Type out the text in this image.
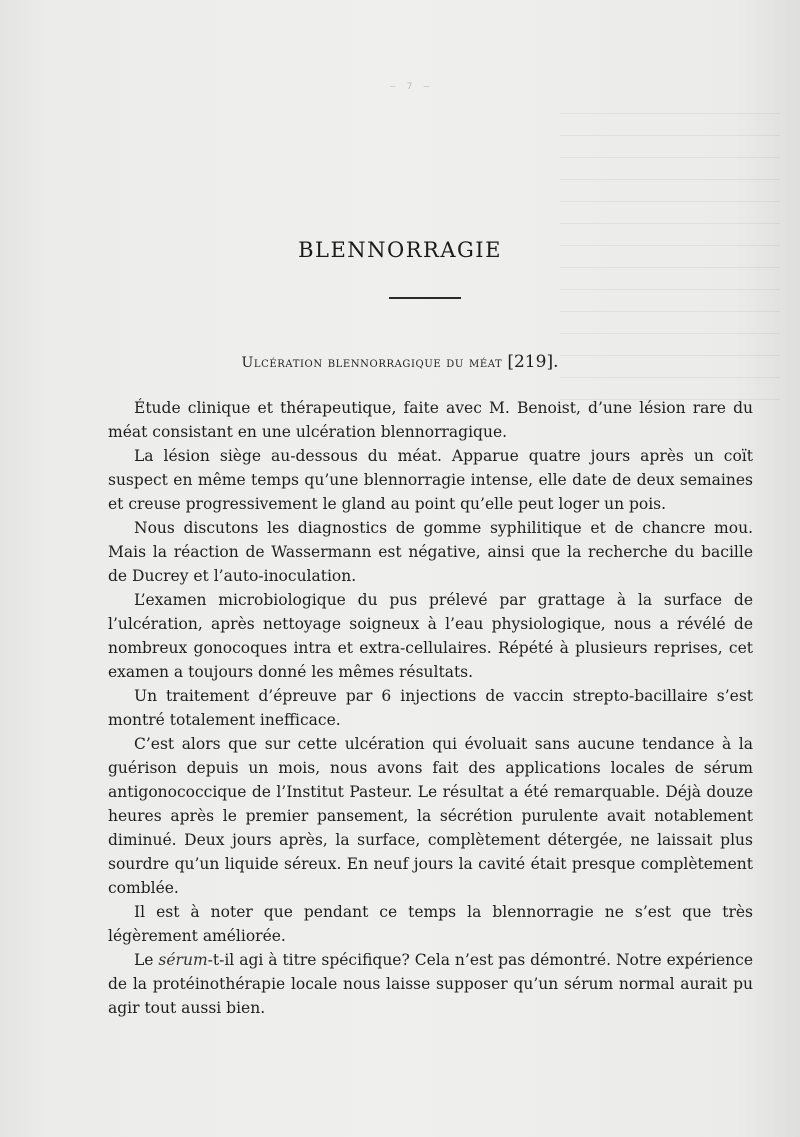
— 7 —
BLENNORRAGIE
Ulcération blennorragique du méat [219].

Étude clinique et thérapeutique, faite avec M. Benoist, d’une lésion rare du méat consistant en une ulcération blennorragique.

La lésion siège au-dessous du méat. Apparue quatre jours après un coït suspect en même temps qu’une blennorragie intense, elle date de deux semaines et creuse progressivement le gland au point qu’elle peut loger un pois.

Nous discutons les diagnostics de gomme syphilitique et de chancre mou. Mais la réaction de Wassermann est négative, ainsi que la recherche du bacille de Ducrey et l’auto-inoculation.

L’examen microbiologique du pus prélevé par grattage à la surface de l’ulcération, après nettoyage soigneux à l’eau physiologique, nous a révélé de nombreux gonocoques intra et extra-cellulaires. Répété à plusieurs reprises, cet examen a toujours donné les mêmes résultats.

Un traitement d’épreuve par 6 injections de vaccin strepto-bacillaire s’est montré totalement inefficace.

C’est alors que sur cette ulcération qui évoluait sans aucune tendance à la guérison depuis un mois, nous avons fait des applications locales de sérum antigonococcique de l’Institut Pasteur. Le résultat a été remarquable. Déjà douze heures après le premier pansement, la sécrétion purulente avait notablement diminué. Deux jours après, la surface, complètement détergée, ne laissait plus sourdre qu’un liquide séreux. En neuf jours la cavité était presque complètement comblée.

Il est à noter que pendant ce temps la blennorragie ne s’est que très légèrement améliorée.

Le sérum-t-il agi à titre spécifique? Cela n’est pas démontré. Notre expérience de la protéinothérapie locale nous laisse supposer qu’un sérum normal aurait pu agir tout aussi bien.
